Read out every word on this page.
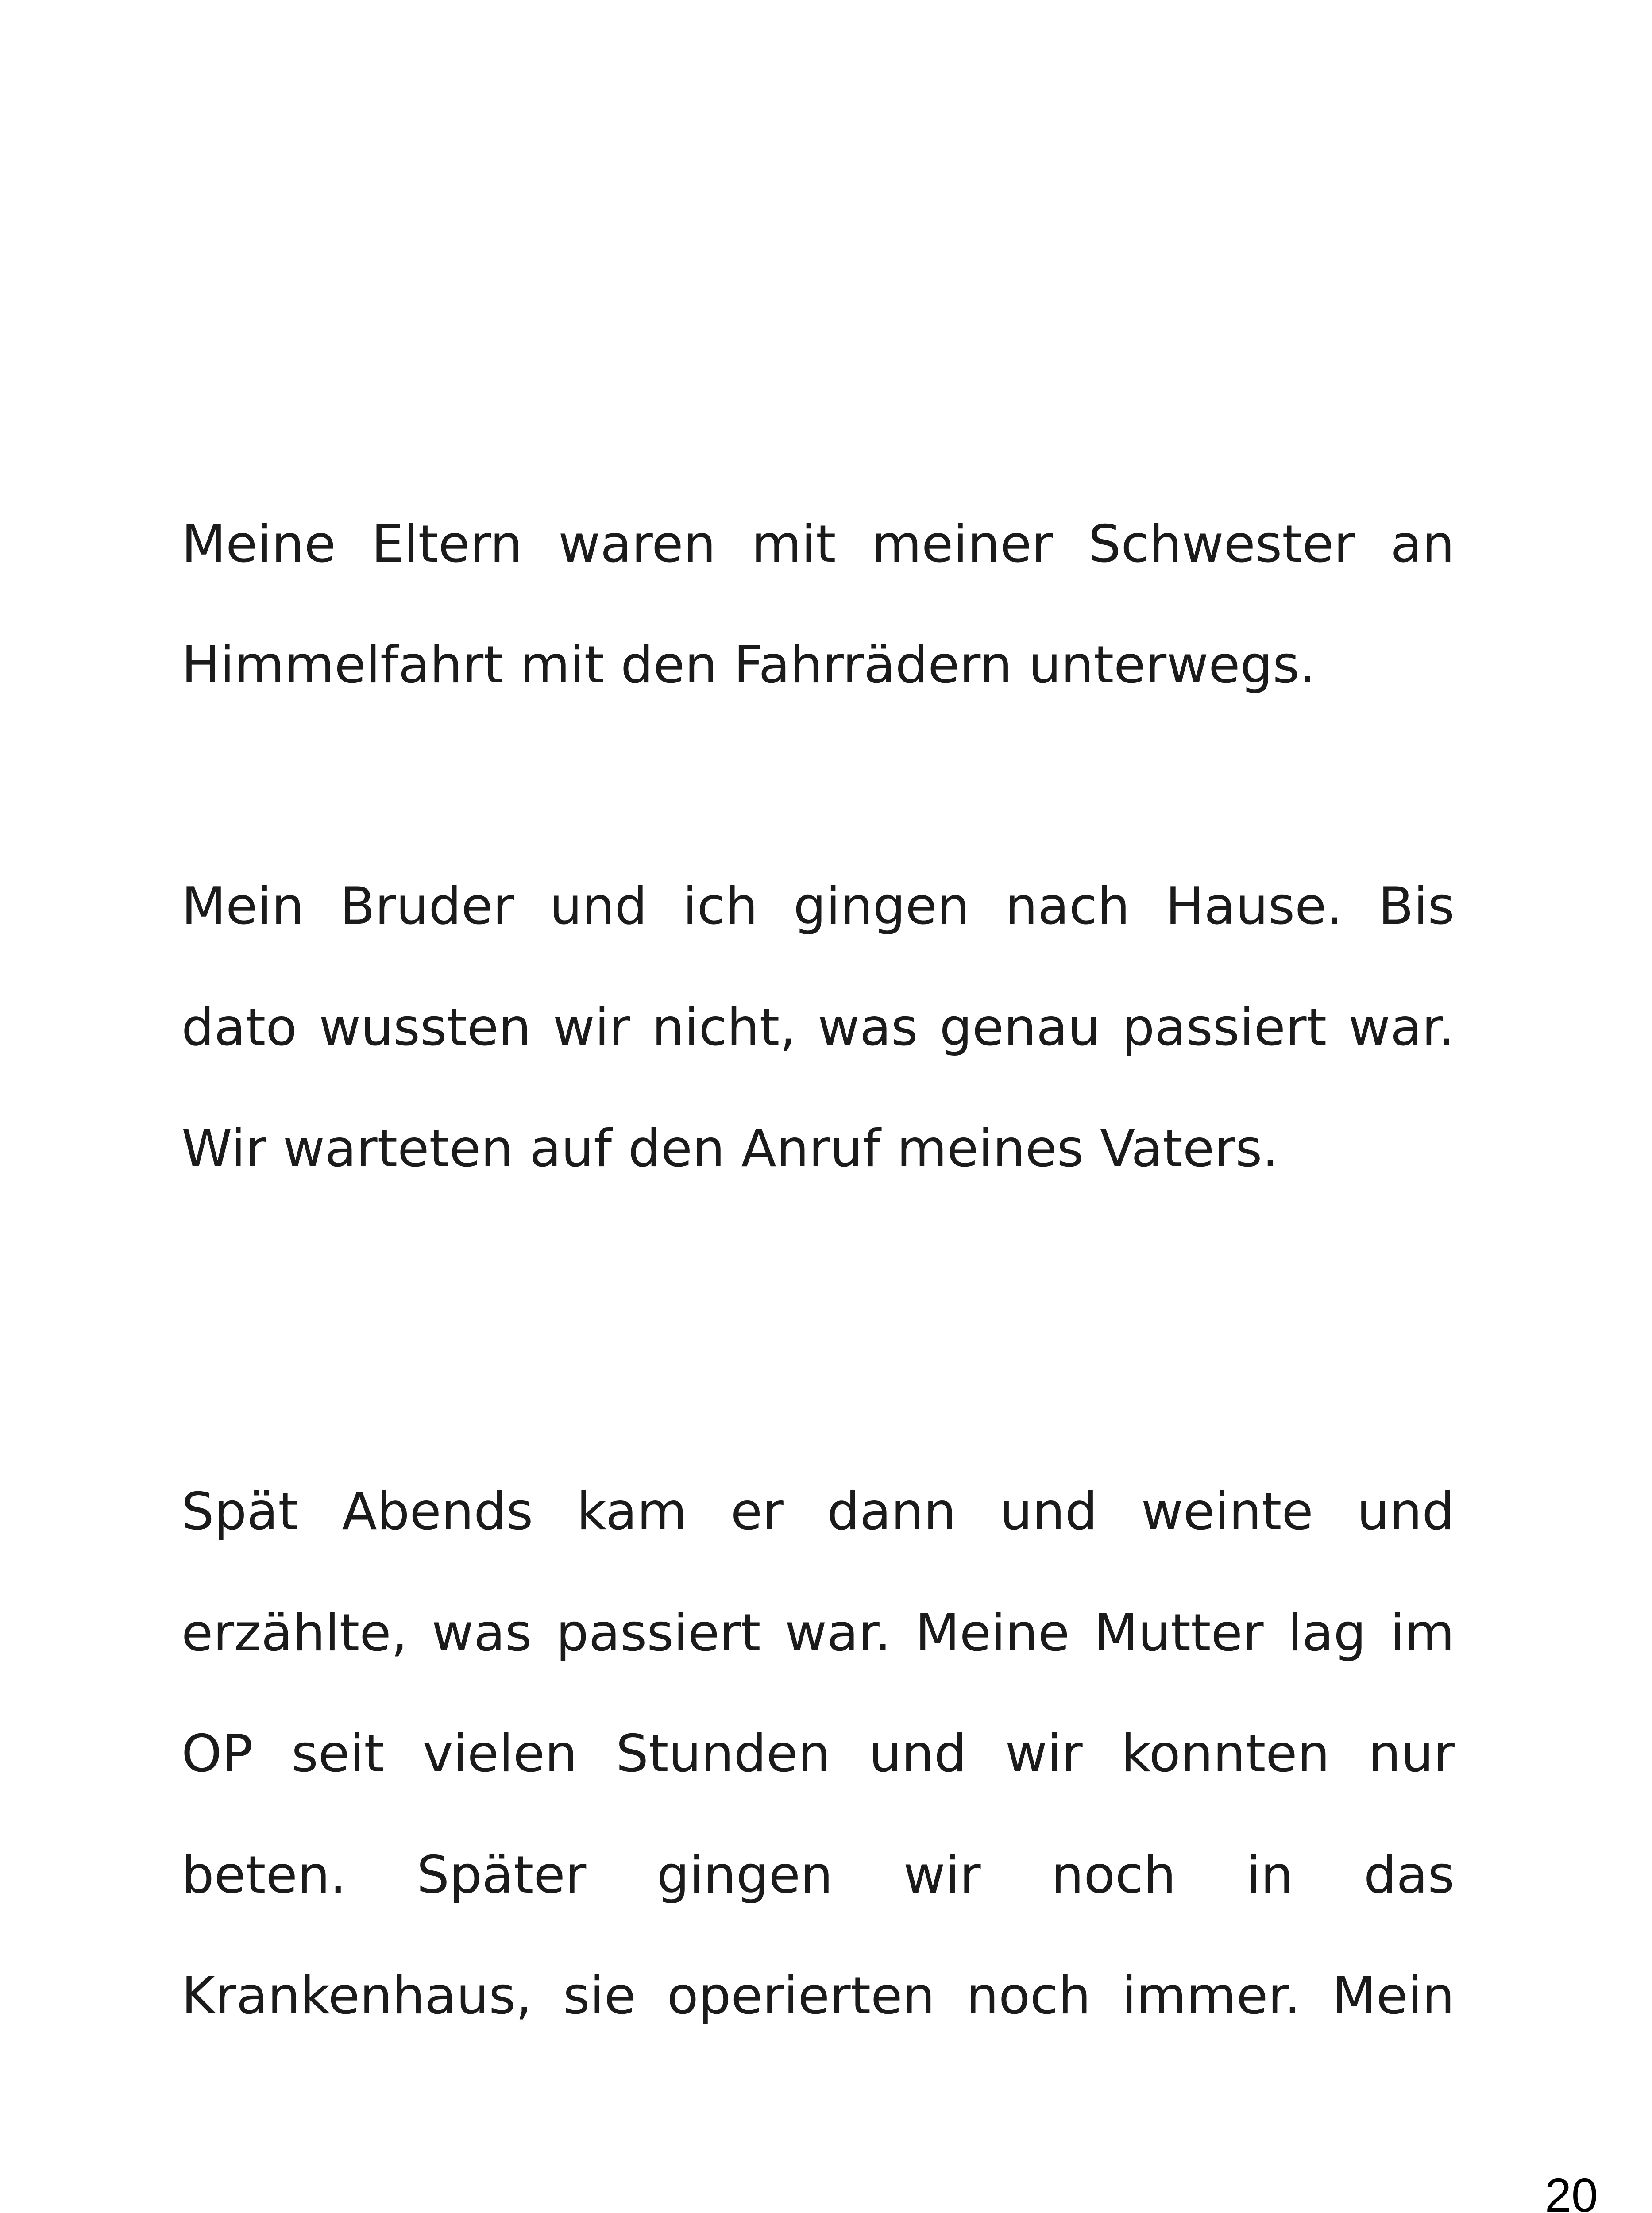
Meine Eltern waren mit meiner Schwester an

Himmelfahrt mit den Fahrrädern unterwegs.

Mein Bruder und ich gingen nach Hause. Bis

dato wussten wir nicht, was genau passiert war.

Wir warteten auf den Anruf meines Vaters.

Spät Abends kam er dann und weinte und

erzählte, was passiert war. Meine Mutter lag im

OP seit vielen Stunden und wir konnten nur

beten. Später gingen wir noch in das

Krankenhaus, sie operierten noch immer. Mein

20
